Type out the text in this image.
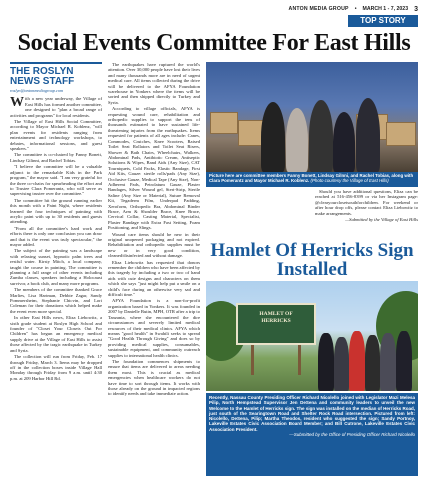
ANTON MEDIA GROUP • MARCH 1 - 7, 2023 3
TOP STORY
Social Events Committee For East Hills
THE ROSLYN
NEWS STAFF
roslyn@antonmediagroup.com

With a new year underway, the Village of East Hills has formed another committee, one designed to "plan a broad range of activities and programs" for local residents.

The Village of East Hills Social Committee, according to Mayor Michael R. Koblenz, "will plan events for residents ranging from entertainment and technology workshops, to debates, informational sessions, and guest speakers."

The committee is co-chaired by Fanny Bonett, Lindsay Gilinni, and Rachel Tobias.

"I believe the committee will be a valuable adjunct to the remarkable Kids in the Park program," the mayor said. "I am very grateful for the three co-chairs for spearheading the effort and to Trustee Clara Pomerantz, who will serve as supervising trustee over the committee."

The committee hit the ground running earlier this month with a Paint Night, where residents learned the four techniques of painting with acrylic paint with up to 30 residents and guests attending.

"From all the committee's hard work and efforts there is only one conclusion you can draw and that is the event was truly spectacular," the mayor added.

The subject of the painting was a landscape with relaxing sunset, hypnotic palm trees and restful water. Kirsty Mitch, a local company, taught the course in painting. The committee is planning a full range of other events including Zumba classes, speakers including a Holocaust survivor, a book club, and many more programs.

The members of the committee thanked Grace Marlies, Lisa Hartman, Debbie Zagar, Sandy Pommersheim, Stephanie Chicvin, and Lori Coleman for their donations which helped make the event even more special.

In other East Hills news, Eliza Liebowitz, a sixth grade student at Roslyn High School and founder of "Closet Your Closets Out For Children" has begun an emergency medical supply drive at the Village of East Hills to assist those affected by the tragic earthquake in Turkey and Syria.

The collection will run from Friday, Feb. 17 through Friday, March 3. Items may be dropped off in the collection boxes inside Village Hall Monday through Friday from 9 a.m. until 4:30 p.m. at 209 Harbor Hill Rd.

The earthquakes have ruptured the world's attention. Over 30,000 people have lost their lives and many thousands more are in need of urgent medical care. All items collected during the drive will be delivered to the AFYA Foundation warehouse in Yonkers where the items will be sorted and then shipped directly to Turkey and Syria.

According to village officials, AFYA is requesting wound care, rehabilitation and orthopedic supplies to support the tens of thousands estimated to have sustained life-threatening injuries from the earthquakes. Items requested for patients of all ages include: Canes, Commodes, Crutches, Knee Scooters, Raised Toilet Seat Rollators and Toilet Seat Risers, Shower & Bath Chairs, Wheelchairs, Walkers, Abdominal Pads, Antibiotic Cream, Antiseptic Solutions & Wipes, Band Aids (Any Size), CAT Tourniquets, Cold Packs, Elastic Bandage, First Aid Kits, Gauze: sterile rolls/pads (Any Size), Occlusive Gauze, Medical Tape (Any Size), Non-Adherent Pads, Petrolatum Gauze, Plaster Bandages, Silver Wound gel, Steri-Strip, Sterile Saline (Any Size or Material), Suture Removal Kit, Tegaderm Film, Underpad Padding, Xeroform, Orthopedic Bra, Abdominal Binder Brace, Arm & Shoulder Brace, Knee Brace, Cervical Collar, Casting Material, Specialist, Plaster Bandage with Extra Fast Setting, Foam Positioning, and Slings.

Wound care items should be new in their original unopened packaging and not expired. Rehabilitation and orthopedic supplies must be new or in very good condition, cleaned/disinfected and without damage.

Eliza Liebowitz has requested that donors remember the children who have been affected by this tragedy by including a two or two of hand aids with cute designs and characters on them which she says "just might help put a smile on a child's face during an otherwise very sad and difficult time."

AFYA Foundation is a non-for-profit organization based in Yonkers. It was founded in 2007 by Danielle Butin, MPH, OTR after a trip to Tanzania, where she encountered the dire circumstances and severely limited medical resources of their medical clinics. AFYA which means "good health" in Swahili seeks to spread "Good Health Through Giving" and does so by providing medical supplies, consumables, sustainable equipment, and community outreach supplies to international health clinics.

The foundation commences shipments to ensure that items are delivered to areas needing them most. This is crucial as medical emergencies when healthcare workers do not have time to sort through items. It works with those already on the ground in impacted regions to identify needs and take immediate action.

Picture here are committee members Fanny Bonett, Lindsay Gilnni, and Rachel Tobias, along with Clara Pomerantz and Mayor Michael R. Koblenz. (Photo courtesy the Village of East Hills)

Should you have additional questions, Eliza can be reached at 516-456-8399 or via her Instagram page: @clearyourclosetsouthforchildren. For weekend or after hour drop offs, please contact Eliza Liebowitz to make arrangements.

—Submitted by the Village of East Hills

Hamlet Of Herricks Sign Installed
HAMLET OF
HERRICKS
Recently, Nassau County Presiding Officer Richard Nicolello joined with Legislator Mazi Melesa Pilip, North Hempstead Supervisor Jen DeSena and community leaders to unveil the new Welcome to the Hamlet of Herricks sign. The sign was installed on the median of Herricks Road, just south of the Searingtown Road and Shelter Rock Road intersection. Pictured from left: Nicolello, DeSena, Pilip; Martha Theodos, resident who suggested the sign; Sandy Portnoy, Lakeville Estates Civic Association Board Member; and Bill Cutrone, Lakeville Estates Civic Association President.
—Submitted by the Office of Presiding Officer Richard Nicolello
